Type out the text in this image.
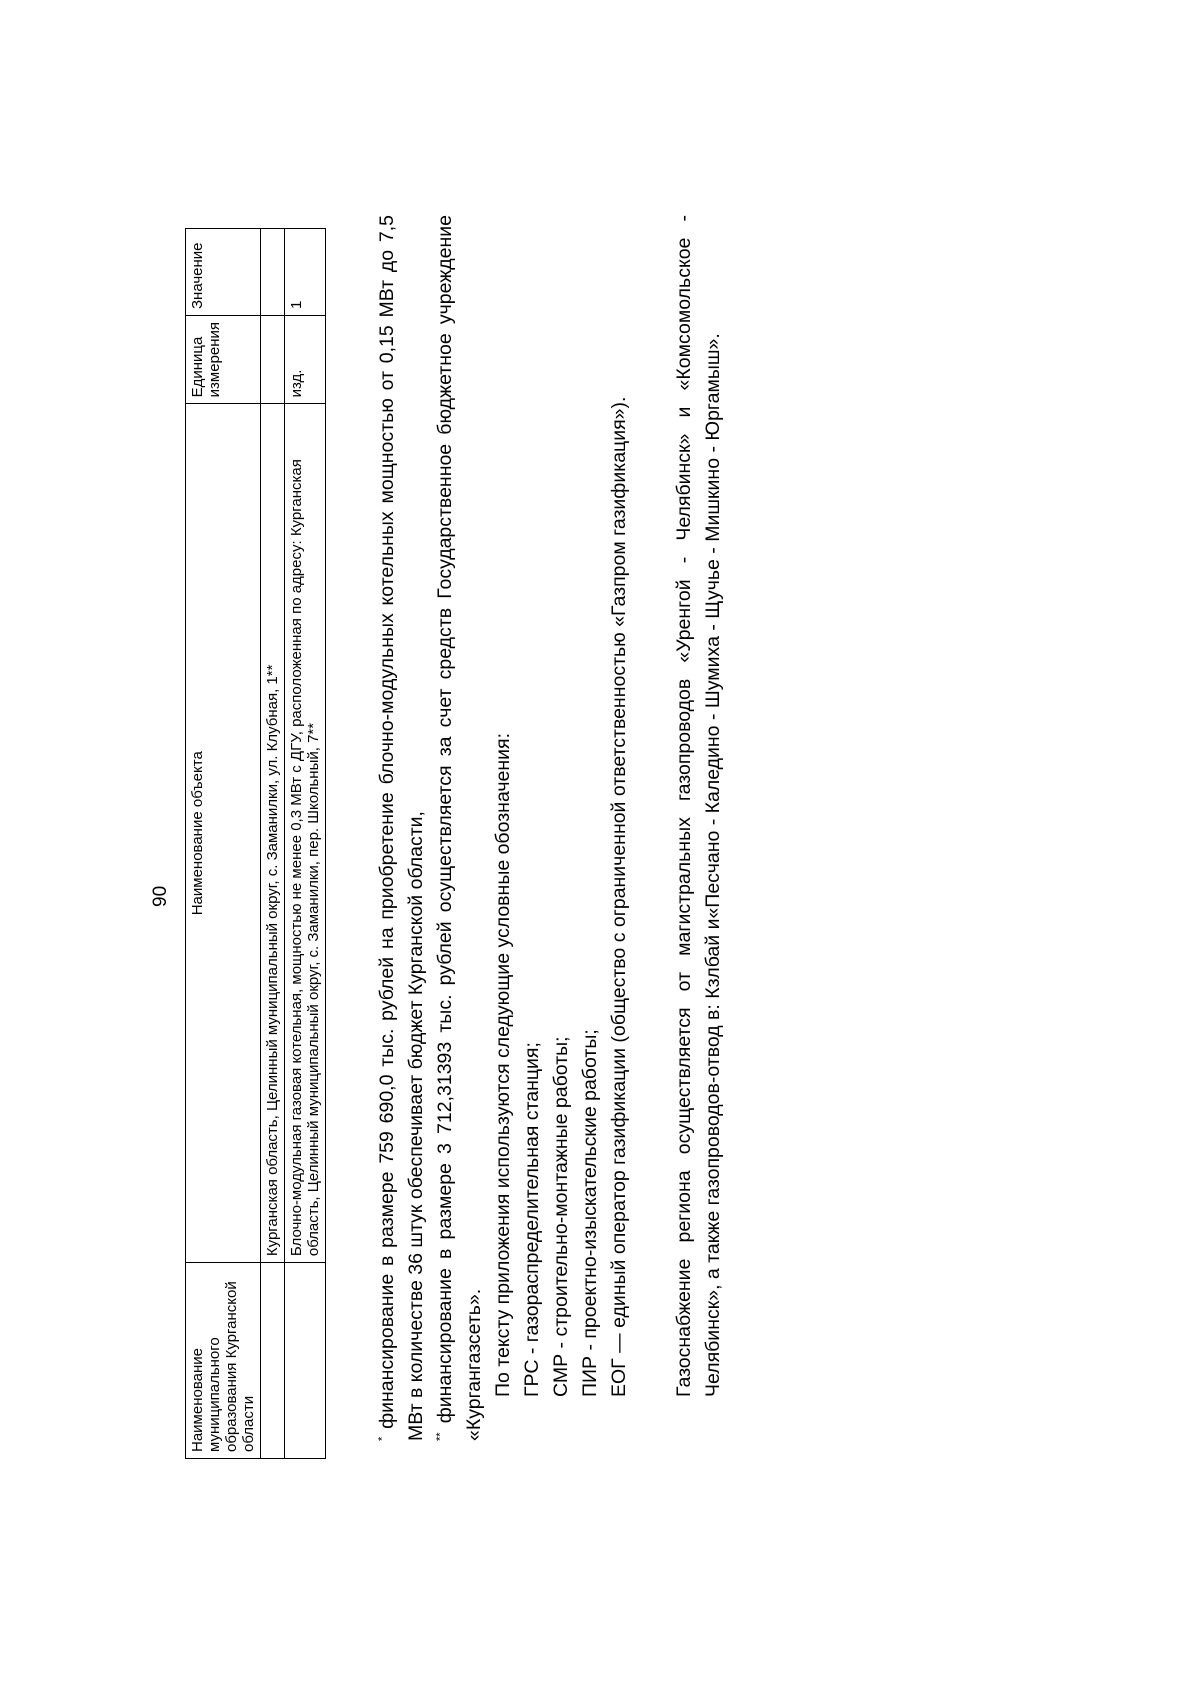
90
Наименование муниципального образования Курганской области	Наименование объекта	Единица измерения	Значение
	Курганская область, Целинный муниципальный округ, с. Заманилки, ул. Клубная, 1**		
	Блочно-модульная газовая котельная, мощностью не менее 0,3 МВт с ДГУ, расположенная по адресу: Курганская область, Целинный муниципальный округ, с. Заманилки, пер. Школьный, 7**	изд.	1

* финансирование в размере 759 690,0 тыс. рублей на приобретение блочно-модульных котельных мощностью от 0,15 МВт до 7,5 МВт в количестве 36 штук обеспечивает бюджет Курганской области, ** финансирование в размере 3 712,31393 тыс. рублей осуществляется за счет средств Государственное бюджетное учреждение «Кургангазсеть». По тексту приложения используются следующие условные обозначения: ГРС - газораспределительная станция; СМР - строительно-монтажные работы; ПИР - проектно-изыскательские работы; ЕОГ — единый оператор газификации (общество с ограниченной ответственностью «Газпром газификация»). Газоснабжение региона осуществляется от магистральных газопроводов «Уренгой - Челябинск» и «Комсомольское - Челябинск», а также газопроводов-отвод в: Кзлбай и«Песчано - Каледино - Шумиха - Щучье - Мишкино - Юргамыш».
